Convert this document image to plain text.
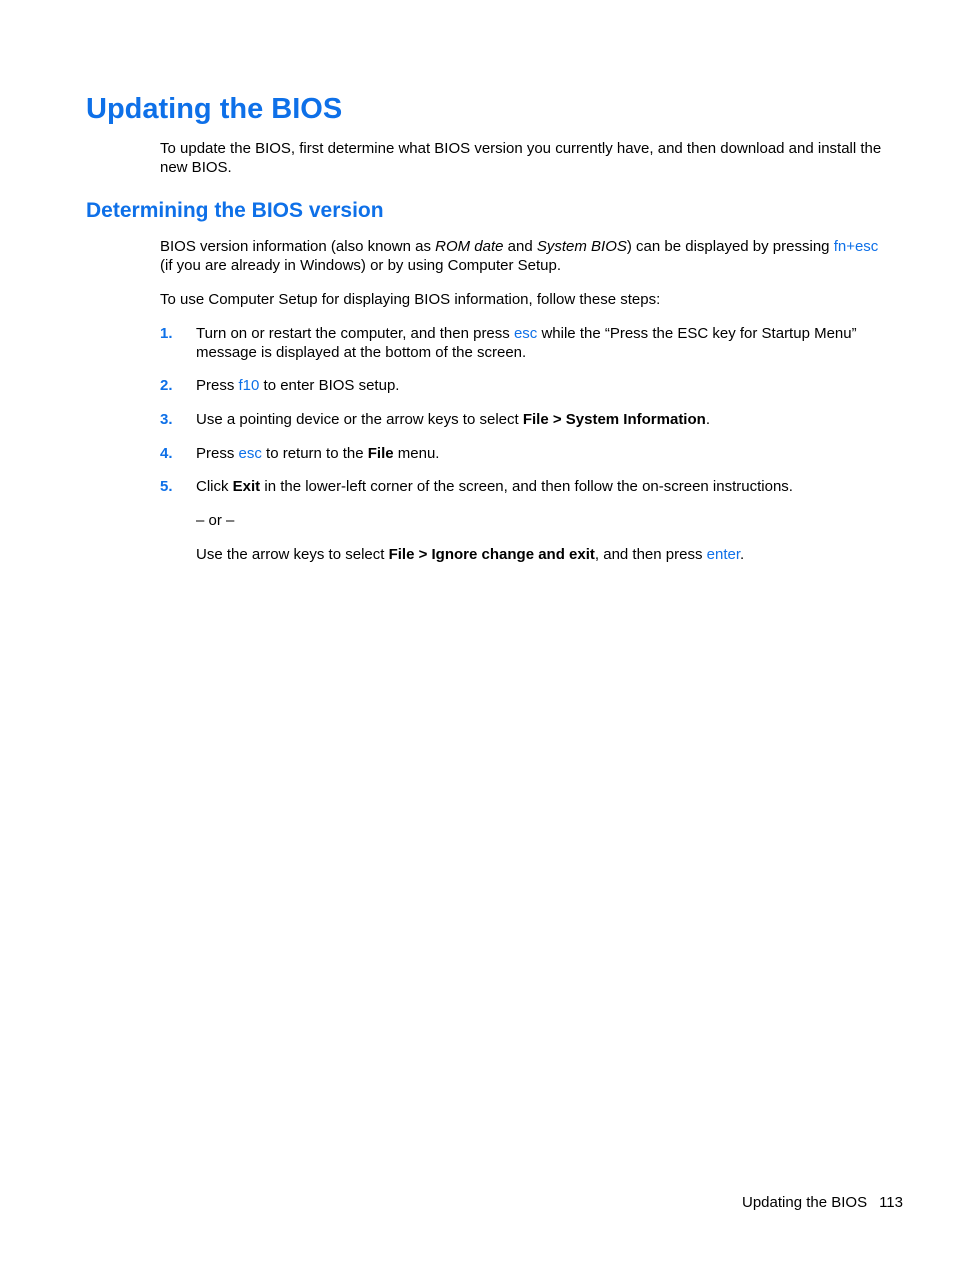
Updating the BIOS

To update the BIOS, first determine what BIOS version you currently have, and then download and install the new BIOS.

Determining the BIOS version

BIOS version information (also known as ROM date and System BIOS) can be displayed by pressing fn+esc (if you are already in Windows) or by using Computer Setup.

To use Computer Setup for displaying BIOS information, follow these steps:

1. Turn on or restart the computer, and then press esc while the “Press the ESC key for Startup Menu” message is displayed at the bottom of the screen.

2. Press f10 to enter BIOS setup.

3. Use a pointing device or the arrow keys to select File > System Information.

4. Press esc to return to the File menu.

5. Click Exit in the lower-left corner of the screen, and then follow the on-screen instructions.

– or –

Use the arrow keys to select File > Ignore change and exit, and then press enter.

Updating the BIOS 113
